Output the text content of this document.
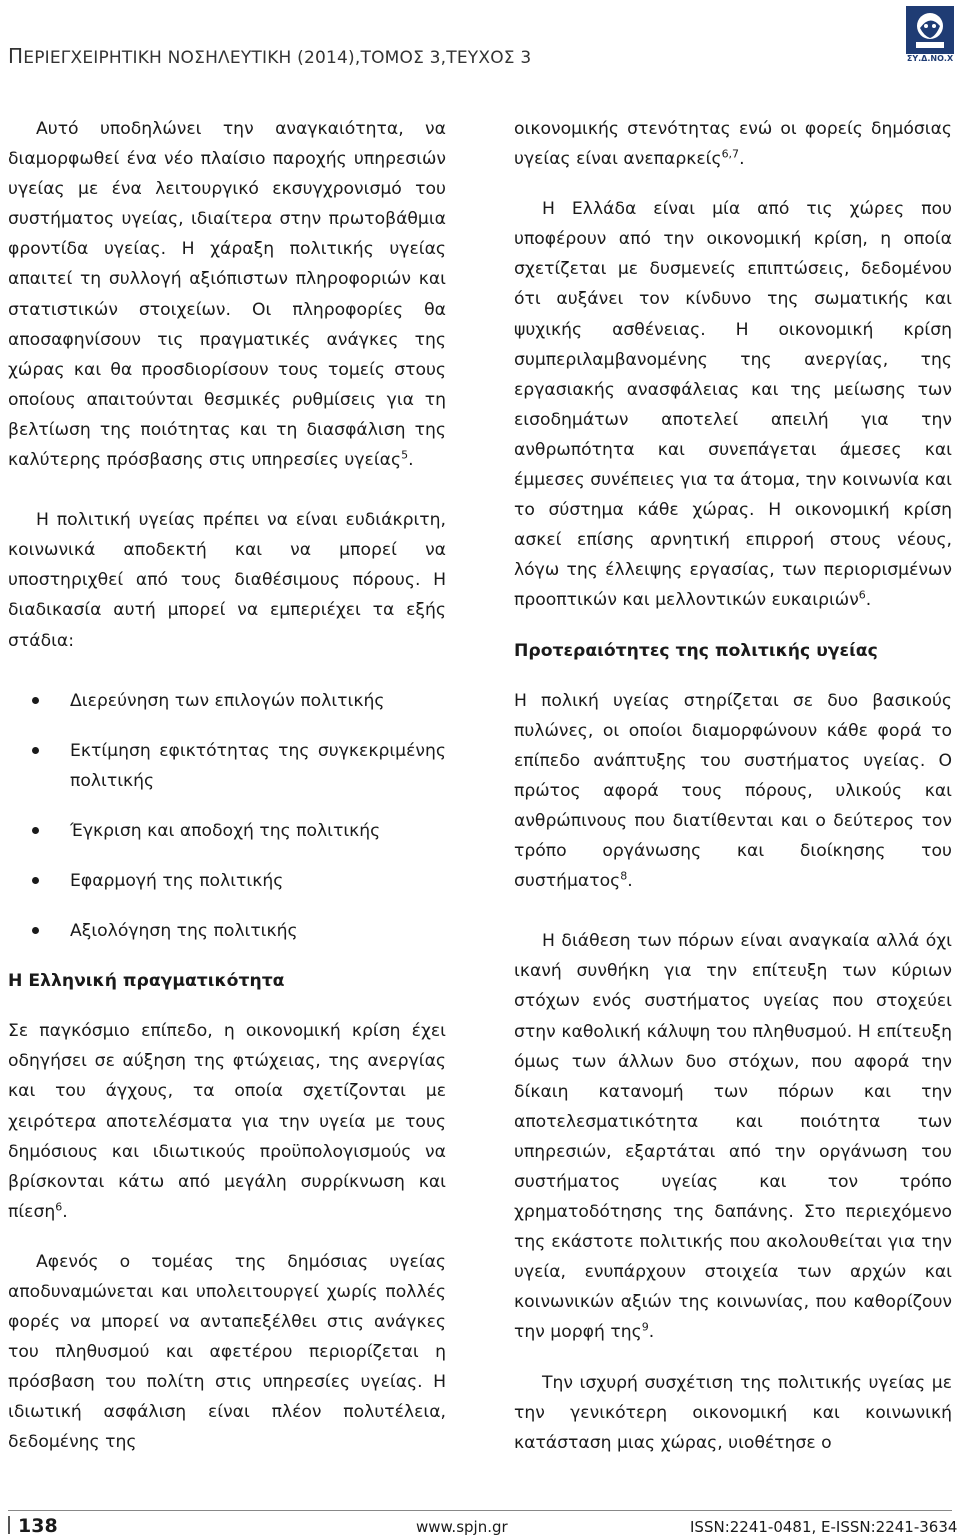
ΠΕΡΙΕΓΧΕΙΡΗΤΙΚΗ ΝΟΣΗΛΕΥΤΙΚΗ (2014),ΤΟΜΟΣ 3,ΤΕΥΧΟΣ 3	ΣΥ.Δ.ΝΟ.Χ

Αυτό υποδηλώνει την αναγκαιότητα, να διαμορφωθεί ένα νέο πλαίσιο παροχής υπηρεσιών υγείας με ένα λειτουργικό εκσυγχρονισμό του συστήματος υγείας, ιδιαίτερα στην πρωτοβάθμια φροντίδα υγείας. Η χάραξη πολιτικής υγείας απαιτεί τη συλλογή αξιόπιστων πληροφοριών και στατιστικών στοιχείων. Οι πληροφορίες θα αποσαφηνίσουν τις πραγματικές ανάγκες της χώρας και θα προσδιορίσουν τους τομείς στους οποίους απαιτούνται θεσμικές ρυθμίσεις για τη βελτίωση της ποιότητας και τη διασφάλιση της καλύτερης πρόσβασης στις υπηρεσίες υγείας$^5$.

Η πολιτική υγείας πρέπει να είναι ευδιάκριτη, κοινωνικά αποδεκτή και να μπορεί να υποστηριχθεί από τους διαθέσιμους πόρους. Η διαδικασία αυτή μπορεί να εμπεριέχει τα εξής στάδια:

Διερεύνηση των επιλογών πολιτικής
Εκτίμηση εφικτότητας της συγκεκριμένης πολιτικής
Έγκριση και αποδοχή της πολιτικής
Εφαρμογή της πολιτικής
Αξιολόγηση της πολιτικής

Η Ελληνική πραγματικότητα

Σε παγκόσμιο επίπεδο, η οικονομική κρίση έχει οδηγήσει σε αύξηση της φτώχειας, της ανεργίας και του άγχους, τα οποία σχετίζονται με χειρότερα αποτελέσματα για την υγεία με τους δημόσιους και ιδιωτικούς προϋπολογισμούς να βρίσκονται κάτω από μεγάλη συρρίκνωση και πίεση$^6$.

Αφενός ο τομέας της δημόσιας υγείας αποδυναμώνεται και υπολειτουργεί χωρίς πολλές φορές να μπορεί να ανταπεξέλθει στις ανάγκες του πληθυσμού και αφετέρου περιορίζεται η πρόσβαση του πολίτη στις υπηρεσίες υγείας. Η ιδιωτική ασφάλιση είναι πλέον πολυτέλεια, δεδομένης της

οικονομικής στενότητας ενώ οι φορείς δημόσιας υγείας είναι ανεπαρκείς$^{6,7}$.

Η Ελλάδα είναι μία από τις χώρες που υποφέρουν από την οικονομική κρίση, η οποία σχετίζεται με δυσμενείς επιπτώσεις, δεδομένου ότι αυξάνει τον κίνδυνο της σωματικής και ψυχικής ασθένειας. Η οικονομική κρίση συμπεριλαμβανομένης της ανεργίας, της εργασιακής ανασφάλειας και της μείωσης των εισοδημάτων αποτελεί απειλή για την ανθρωπότητα και συνεπάγεται άμεσες και έμμεσες συνέπειες για τα άτομα, την κοινωνία και το σύστημα κάθε χώρας. Η οικονομική κρίση ασκεί επίσης αρνητική επιρροή στους νέους, λόγω της έλλειψης εργασίας, των περιορισμένων προοπτικών και μελλοντικών ευκαιριών$^6$.

Προτεραιότητες της πολιτικής υγείας

Η πολική υγείας στηρίζεται σε δυο βασικούς πυλώνες, οι οποίοι διαμορφώνουν κάθε φορά το επίπεδο ανάπτυξης του συστήματος υγείας. Ο πρώτος αφορά τους πόρους, υλικούς και ανθρώπινους που διατίθενται και ο δεύτερος τον τρόπο οργάνωσης και διοίκησης του συστήματος$^8$.

Η διάθεση των πόρων είναι αναγκαία αλλά όχι ικανή συνθήκη για την επίτευξη των κύριων στόχων ενός συστήματος υγείας που στοχεύει στην καθολική κάλυψη του πληθυσμού. Η επίτευξη όμως των άλλων δυο στόχων, που αφορά την δίκαιη κατανομή των πόρων και την αποτελεσματικότητα και ποιότητα των υπηρεσιών, εξαρτάται από την οργάνωση του συστήματος υγείας και τον τρόπο χρηματοδότησης της δαπάνης. Στο περιεχόμενο της εκάστοτε πολιτικής που ακολουθείται για την υγεία, ενυπάρχουν στοιχεία των αρχών και κοινωνικών αξιών της κοινωνίας, που καθορίζουν την μορφή της$^9$.

Την ισχυρή συσχέτιση της πολιτικής υγείας με την γενικότερη οικονομική και κοινωνική κατάσταση μιας χώρας, υιοθέτησε ο

138	www.spjn.gr	ISSN:2241-0481, E-ISSN:2241-3634
